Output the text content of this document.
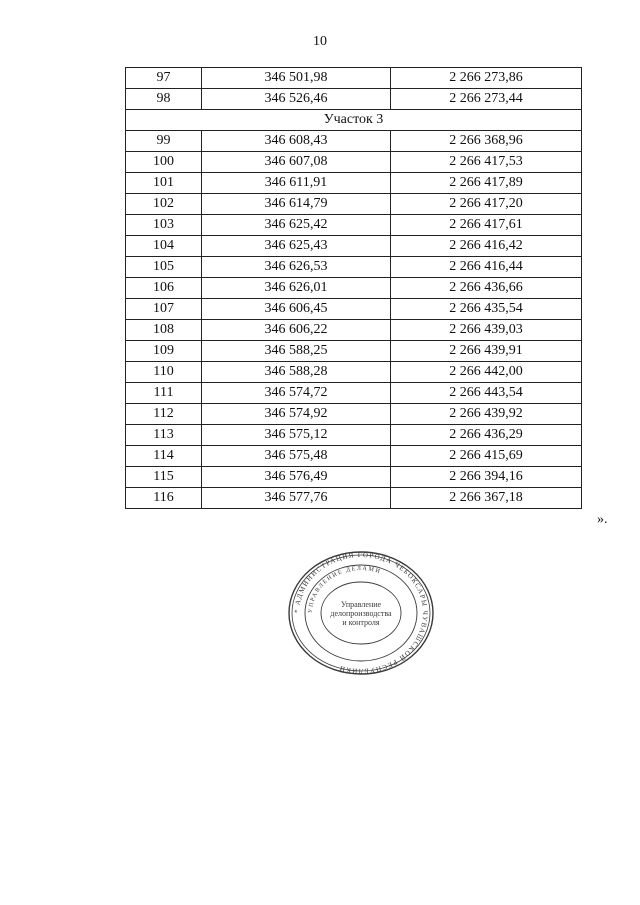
10
97	346 501,98	2 266 273,86
98	346 526,46	2 266 273,44
Участок 3		
99	346 608,43	2 266 368,96
100	346 607,08	2 266 417,53
101	346 611,91	2 266 417,89
102	346 614,79	2 266 417,20
103	346 625,42	2 266 417,61
104	346 625,43	2 266 416,42
105	346 626,53	2 266 416,44
106	346 626,01	2 266 436,66
107	346 606,45	2 266 435,54
108	346 606,22	2 266 439,03
109	346 588,25	2 266 439,91
110	346 588,28	2 266 442,00
111	346 574,72	2 266 443,54
112	346 574,92	2 266 439,92
113	346 575,12	2 266 436,29
114	346 575,48	2 266 415,69
115	346 576,49	2 266 394,16
116	346 577,76	2 266 367,18
».
* АДМИНИСТРАЦИЯ ГОРОДА ЧЕБОКСАРЫ ЧУВАШСКОЙ РЕСПУБЛИКИ
УПРАВЛЕНИЕ ДЕЛАМИ
Управление
делопроизводства
и контроля
